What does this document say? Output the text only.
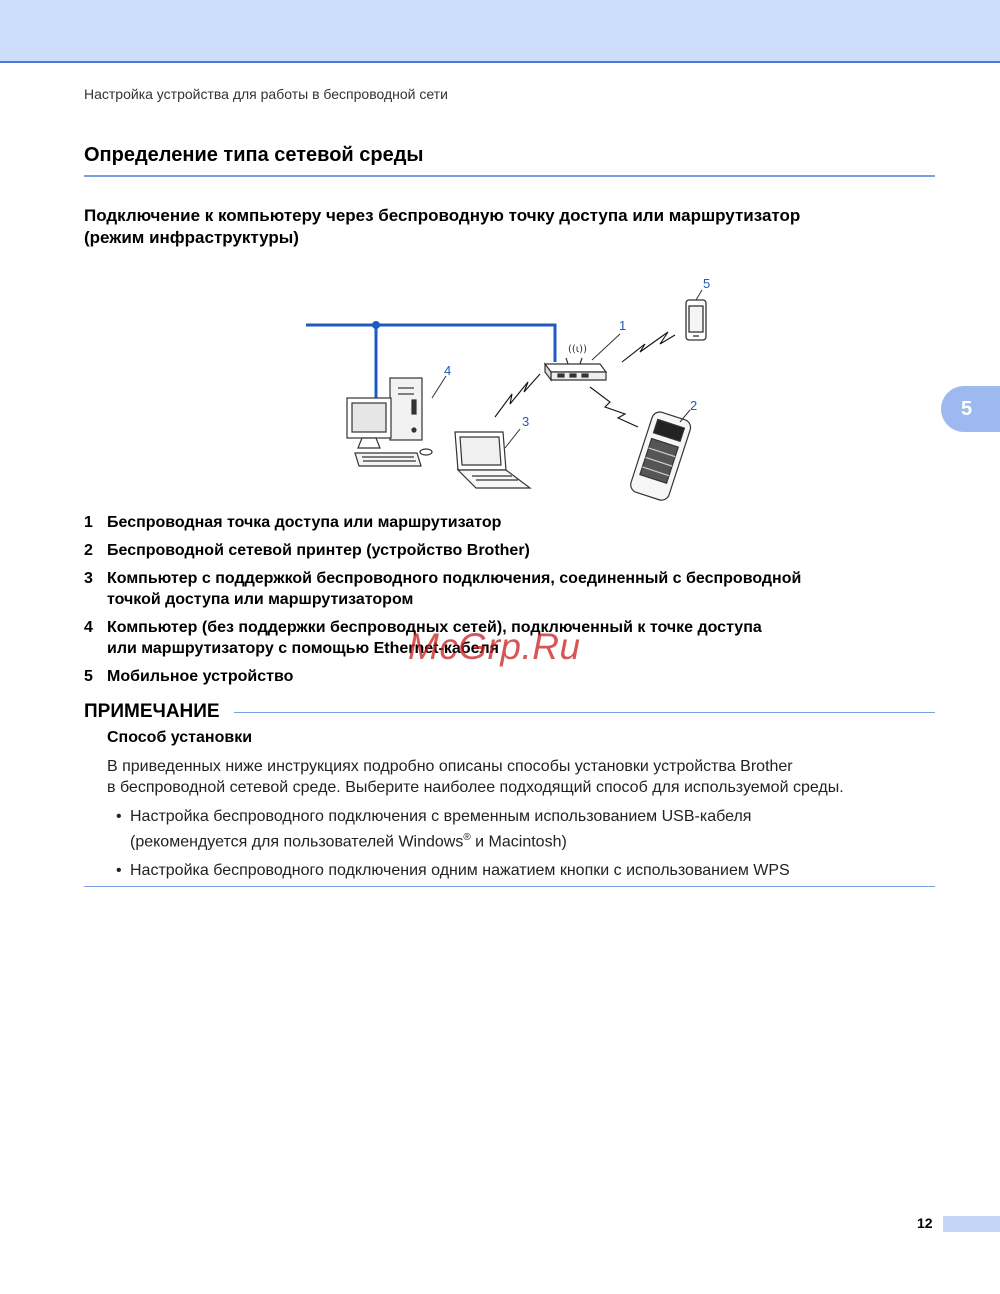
Настройка устройства для работы в беспроводной сети
Определение типа сетевой среды
Подключение к компьютеру через беспроводную точку доступа или маршрутизатор
(режим инфраструктуры)
5
((ι))
1
2
3
4
5
1 Беспроводная точка доступа или маршрутизатор
2 Беспроводной сетевой принтер (устройство Brother)
3 Компьютер с поддержкой беспроводного подключения, соединенный с беспроводной
точкой доступа или маршрутизатором
4 Компьютер (без поддержки беспроводных сетей), подключенный к точке доступа
или маршрутизатору с помощью Ethernet-кабеля
5 Мобильное устройство
McGrp.Ru
ПРИМЕЧАНИЕ
Способ установки
В приведенных ниже инструкциях подробно описаны способы установки устройства Brother
в беспроводной сетевой среде. Выберите наиболее подходящий способ для используемой среды.
• Настройка беспроводного подключения с временным использованием USB-кабеля
(рекомендуется для пользователей Windows® и Macintosh)
• Настройка беспроводного подключения одним нажатием кнопки с использованием WPS
12
